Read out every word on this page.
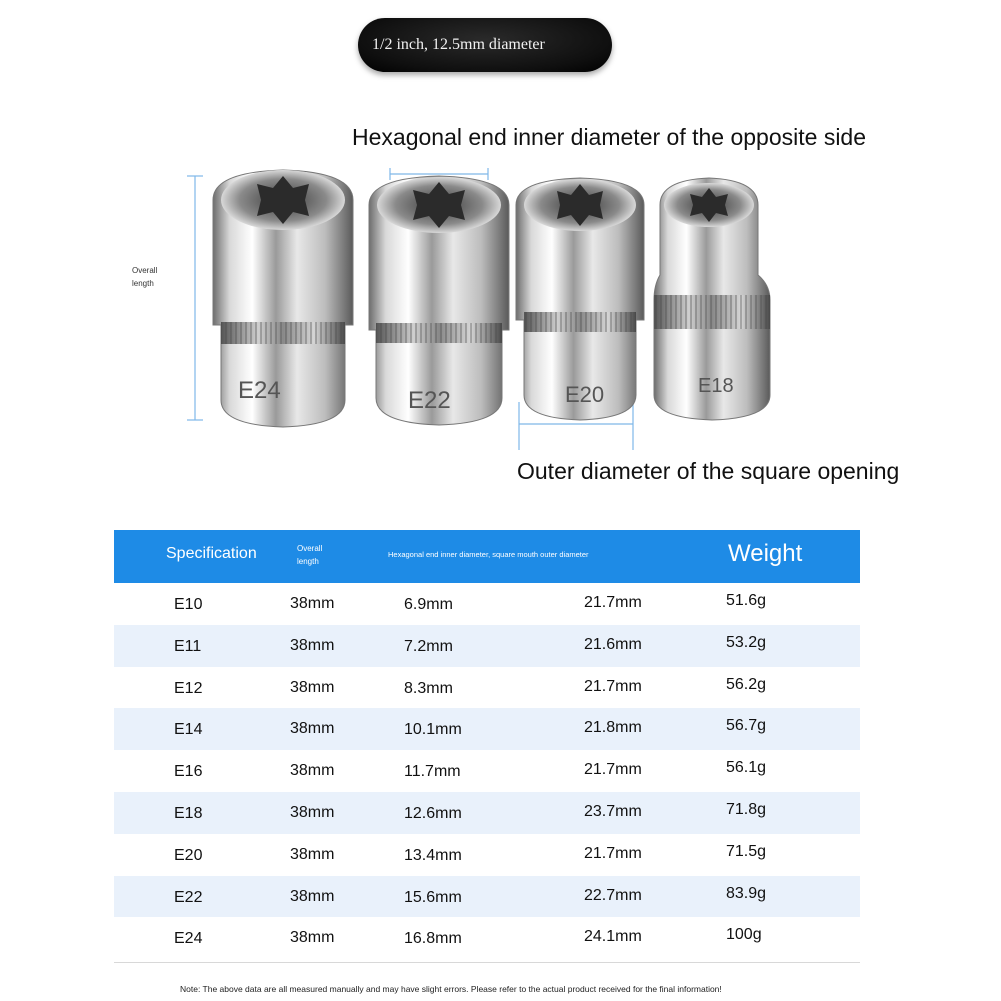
1/2 inch, 12.5mm diameter
Hexagonal end inner diameter of the opposite side
Overall length
E24	E22	E20	E18
Outer diameter of the square opening
Specification	Overall length
Hexagonal end inner diameter, square mouth outer diameter	Weight
E10	38mm	6.9mm	21.7mm	51.6g
E11	38mm	7.2mm	21.6mm	53.2g
E12	38mm	8.3mm	21.7mm	56.2g
E14	38mm	10.1mm	21.8mm	56.7g
E16	38mm	11.7mm	21.7mm	56.1g
E18	38mm	12.6mm	23.7mm	71.8g
E20	38mm	13.4mm	21.7mm	71.5g
E22	38mm	15.6mm	22.7mm	83.9g
E24	38mm	16.8mm	24.1mm	100g
Note: The above data are all measured manually and may have slight errors. Please refer to the actual product received for the final information!
